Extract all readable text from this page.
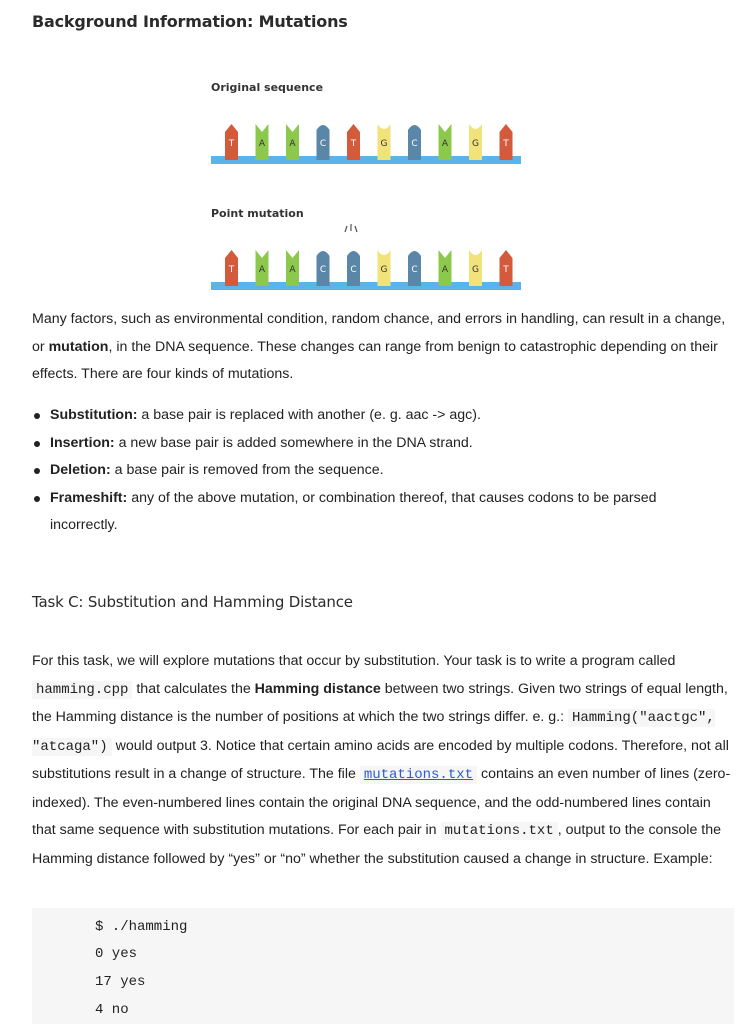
Background Information: Mutations
Original sequence
T	A	A	C	T	G	C	A	G	T
Point mutation
T	A	A	C	C	G	C	A	G	T
Many factors, such as environmental condition, random chance, and errors in handling, can result in a change, or mutation, in the DNA sequence. These changes can range from benign to catastrophic depending on their effects. There are four kinds of mutations.
Substitution: a base pair is replaced with another (e. g. aac -> agc).
Insertion: a new base pair is added somewhere in the DNA strand.
Deletion: a base pair is removed from the sequence.
Frameshift: any of the above mutation, or combination thereof, that causes codons to be parsed incorrectly.
Task C: Substitution and Hamming Distance
For this task, we will explore mutations that occur by substitution. Your task is to write a program called hamming.cpp that calculates the Hamming distance between two strings. Given two strings of equal length, the Hamming distance is the number of positions at which the two strings differ. e. g.: Hamming("aactgc", "atcaga") would output 3. Notice that certain amino acids are encoded by multiple codons. Therefore, not all substitutions result in a change of structure. The file mutations.txt contains an even number of lines (zero-indexed). The even-numbered lines contain the original DNA sequence, and the odd-numbered lines contain that same sequence with substitution mutations. For each pair in mutations.txt , output to the console the Hamming distance followed by “yes” or “no” whether the substitution caused a change in structure. Example:
$ ./hamming
0 yes
17 yes
4 no
